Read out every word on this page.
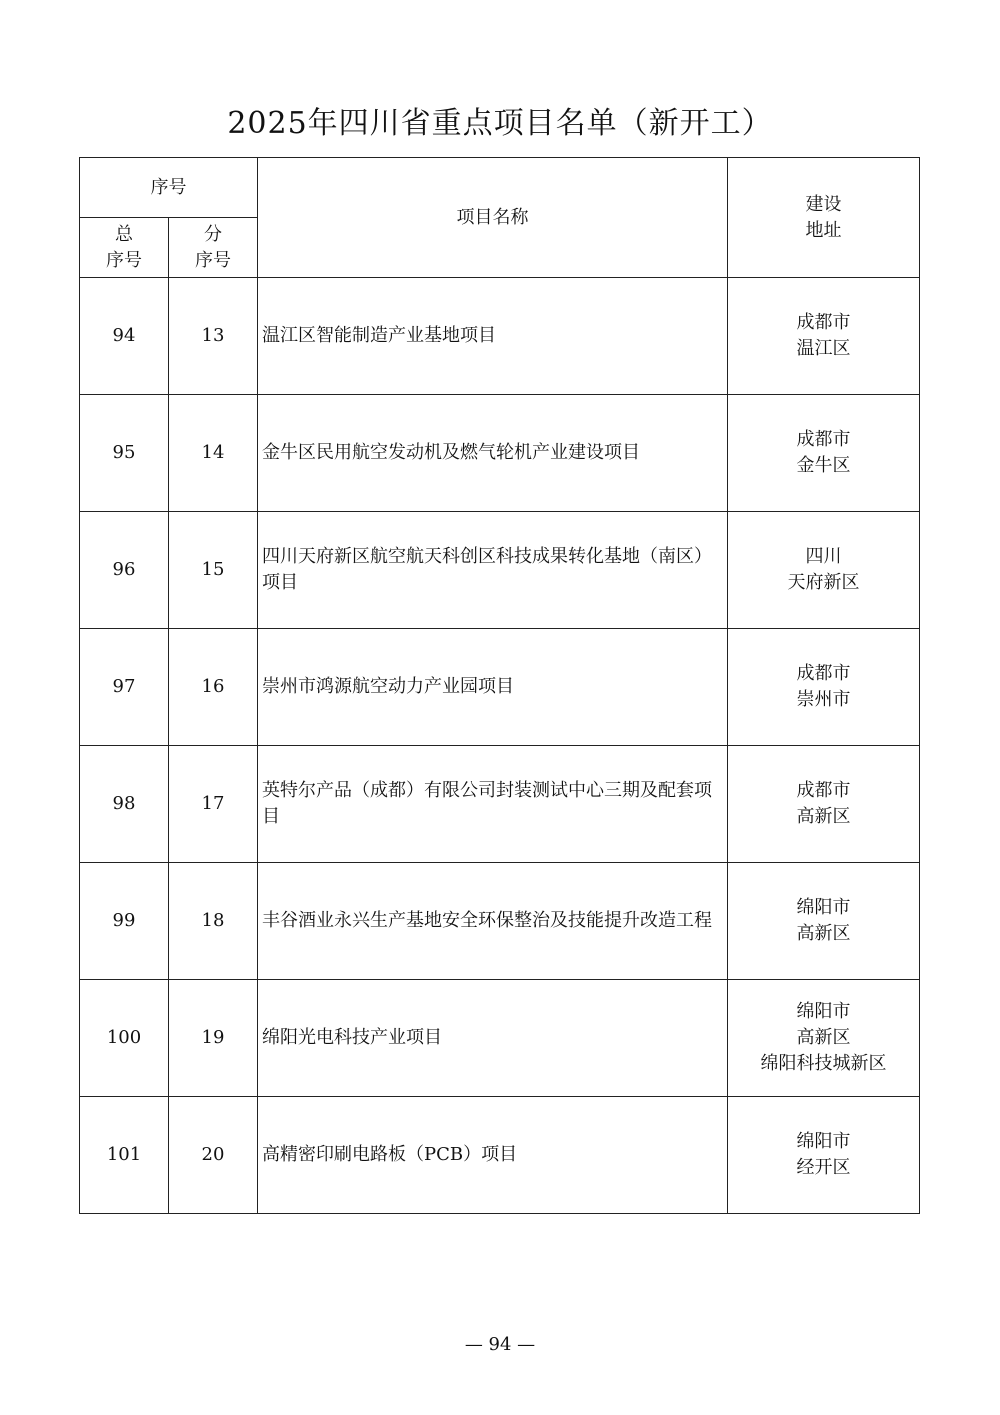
2025年四川省重点项目名单（新开工）
序号		项目名称	建设
地址

总
序号	分
序号		

94	13	温江区智能制造产业基地项目	成都市
温江区

95	14	金牛区民用航空发动机及燃气轮机产业建设项目	成都市
金牛区

96	15	四川天府新区航空航天科创区科技成果转化基地（南区）项目	四川
天府新区

97	16	崇州市鸿源航空动力产业园项目	成都市
崇州市

98	17	英特尔产品（成都）有限公司封装测试中心三期及配套项目	成都市
高新区

99	18	丰谷酒业永兴生产基地安全环保整治及技能提升改造工程	绵阳市
高新区

100	19	绵阳光电科技产业项目	绵阳市
高新区
绵阳科技城新区

101	20	高精密印刷电路板（PCB）项目	绵阳市
经开区
— 94 —
